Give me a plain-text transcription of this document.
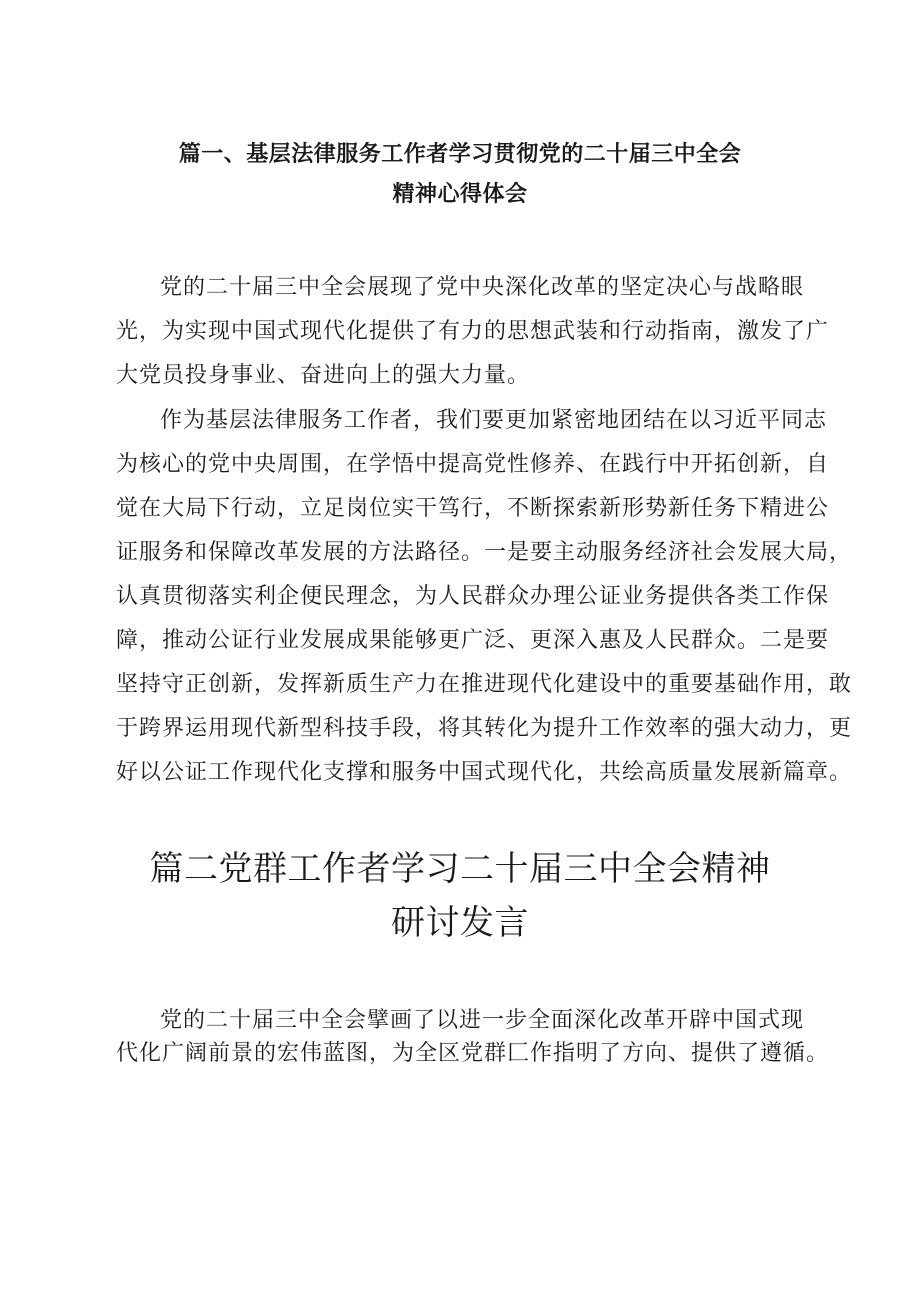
篇一、基层法律服务工作者学习贯彻党的二十届三中全会
精神心得体会
党的二十届三中全会展现了党中央深化改革的坚定决心与战略眼
光，为实现中国式现代化提供了有力的思想武装和行动指南，激发了广
大党员投身事业、奋进向上的强大力量。
作为基层法律服务工作者，我们要更加紧密地团结在以习近平同志
为核心的党中央周围，在学悟中提高党性修养、在践行中开拓创新，自
觉在大局下行动，立足岗位实干笃行，不断探索新形势新任务下精进公
证服务和保障改革发展的方法路径。一是要主动服务经济社会发展大局，
认真贯彻落实利企便民理念，为人民群众办理公证业务提供各类工作保
障，推动公证行业发展成果能够更广泛、更深入惠及人民群众。二是要
坚持守正创新，发挥新质生产力在推进现代化建设中的重要基础作用，敢
于跨界运用现代新型科技手段，将其转化为提升工作效率的强大动力，更
好以公证工作现代化支撑和服务中国式现代化，共绘高质量发展新篇章。
篇二党群工作者学习二十届三中全会精神
研讨发言
党的二十届三中全会擘画了以进一步全面深化改革开辟中国式现
代化广阔前景的宏伟蓝图，为全区党群匚作指明了方向、提供了遵循。
